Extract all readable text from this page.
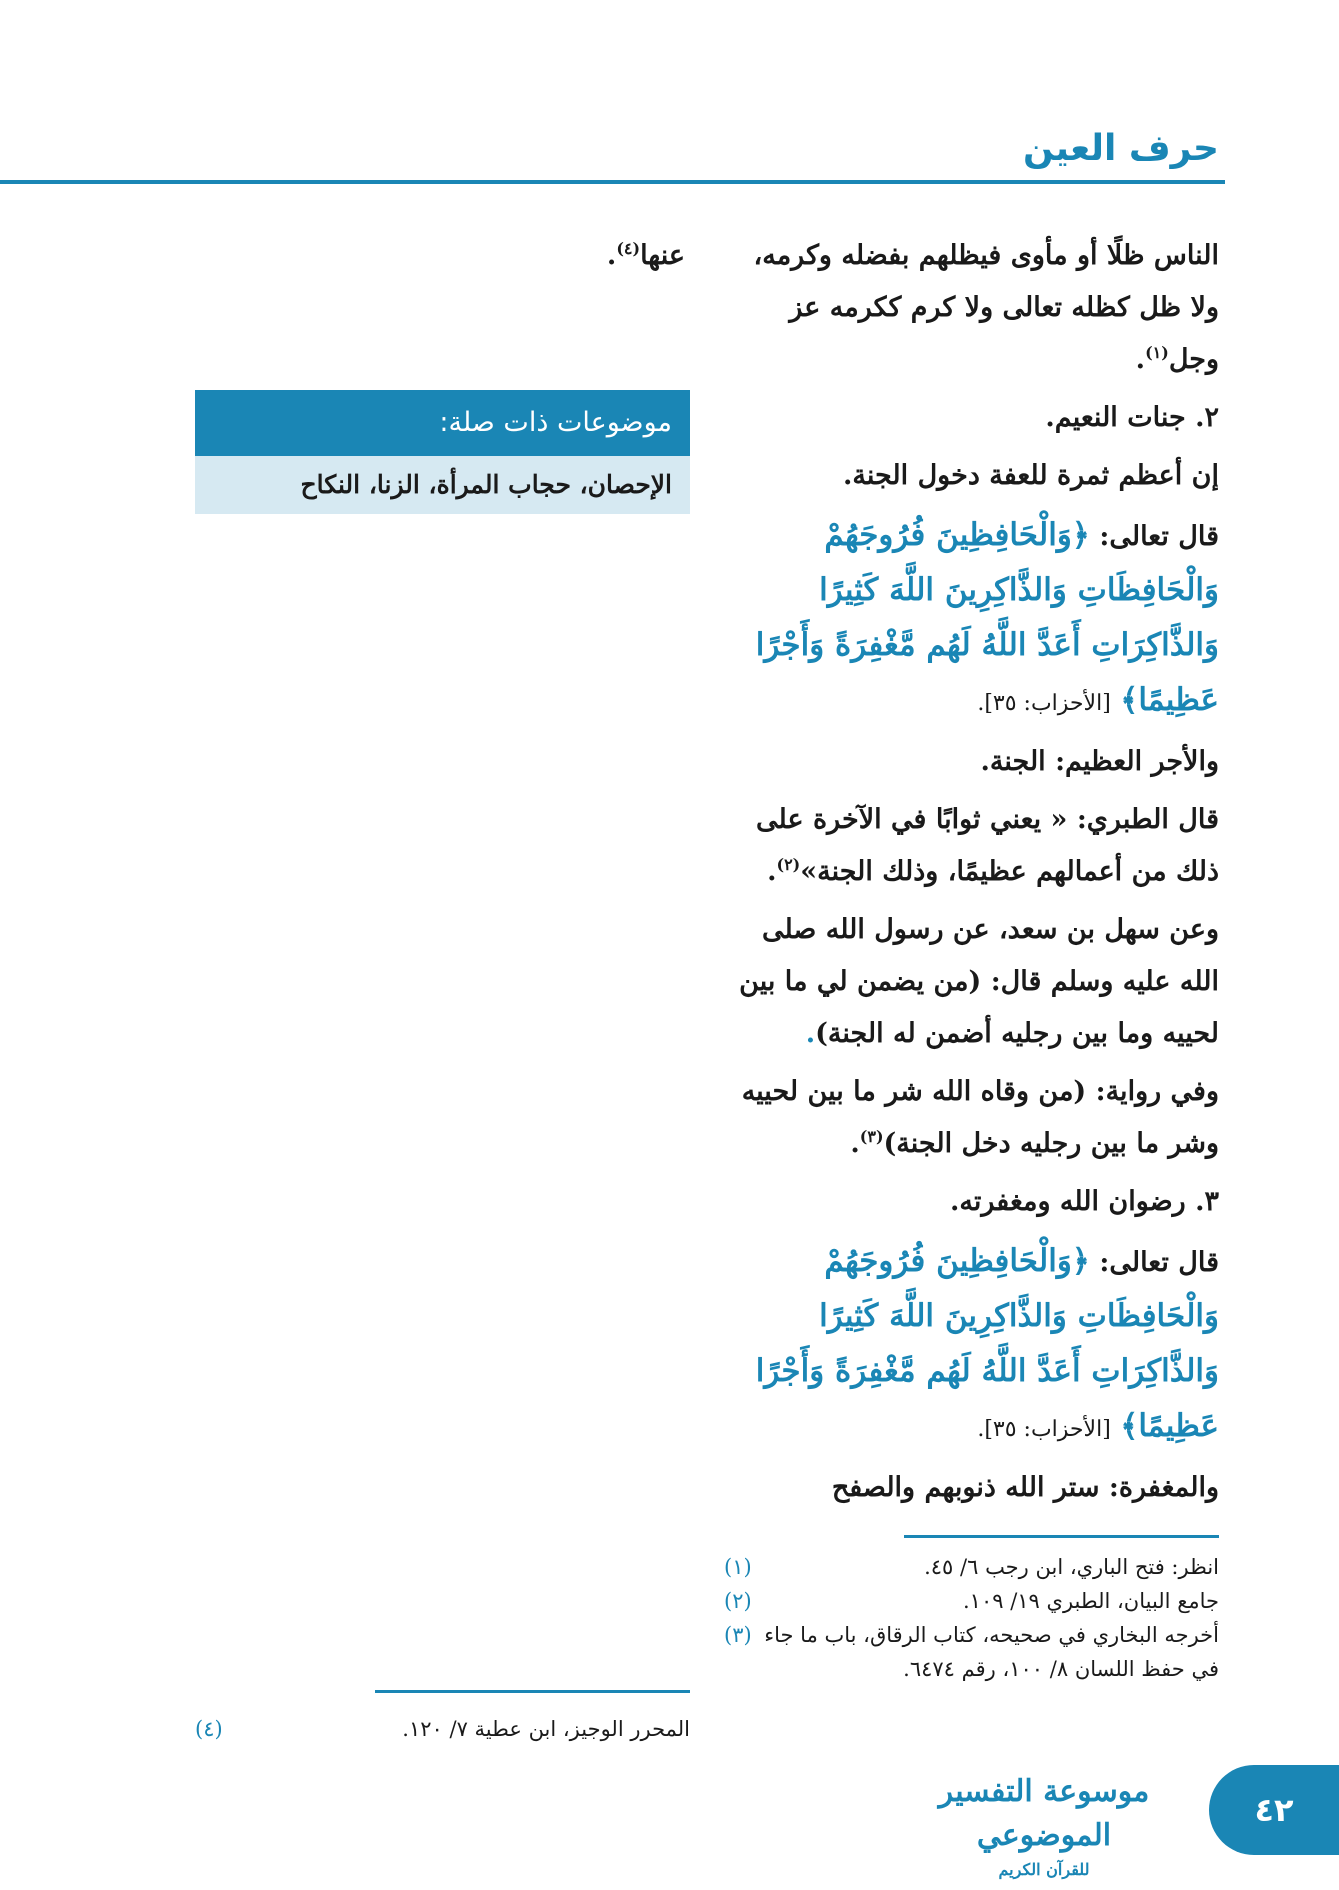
حرف العين
عنها$^{(٤)}$.
موضوعات ذات صلة:
الإحصان، حجاب المرأة، الزنا، النكاح

الناس ظلًا أو مأوى فيظلهم بفضله وكرمه، ولا ظل كظله تعالى ولا كرم ككرمه عز وجل$^{(١)}$.

٢. جنات النعيم.

إن أعظم ثمرة للعفة دخول الجنة.

قال تعالى: ﴿وَالْحَافِظِينَ فُرُوجَهُمْ وَالْحَافِظَاتِ وَالذَّاكِرِينَ اللَّهَ كَثِيرًا وَالذَّاكِرَاتِ أَعَدَّ اللَّهُ لَهُم مَّغْفِرَةً وَأَجْرًا عَظِيمًا﴾ [الأحزاب: ٣٥].

والأجر العظيم: الجنة.

قال الطبري: « يعني ثوابًا في الآخرة على ذلك من أعمالهم عظيمًا، وذلك الجنة»$^{(٢)}$.

وعن سهل بن سعد، عن رسول الله صلى الله عليه وسلم قال: (من يضمن لي ما بين لحييه وما بين رجليه أضمن له الجنة).

وفي رواية: (من وقاه الله شر ما بين لحييه وشر ما بين رجليه دخل الجنة)$^{(٣)}$.

٣. رضوان الله ومغفرته.

قال تعالى: ﴿وَالْحَافِظِينَ فُرُوجَهُمْ وَالْحَافِظَاتِ وَالذَّاكِرِينَ اللَّهَ كَثِيرًا وَالذَّاكِرَاتِ أَعَدَّ اللَّهُ لَهُم مَّغْفِرَةً وَأَجْرًا عَظِيمًا﴾ [الأحزاب: ٣٥].

والمغفرة: ستر الله ذنوبهم والصفح

(١)	انظر: فتح الباري، ابن رجب ٦/ ٤٥.
(٢)	جامع البيان، الطبري ١٩/ ١٠٩.
(٣) أخرجه البخاري في صحيحه، كتاب الرقاق، باب ما جاء في حفظ اللسان ٨/ ١٠٠، رقم ٦٤٧٤.
(٤)	المحرر الوجيز، ابن عطية ٧/ ١٢٠.
موسوعة التفسير الموضوعي
للقرآن الكريم
٤٢
